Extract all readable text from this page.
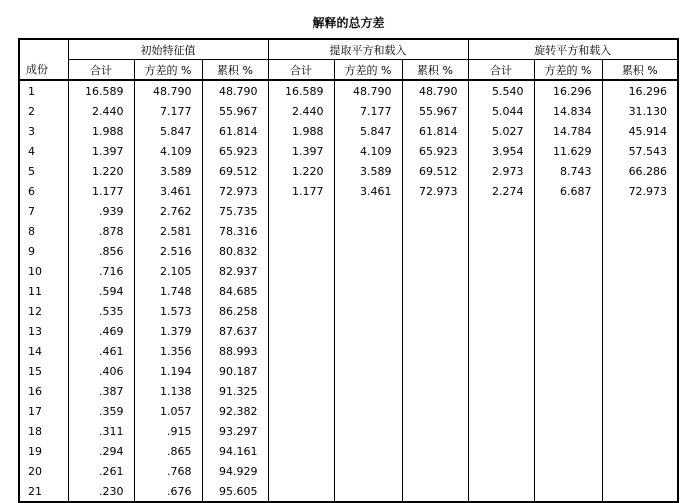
解释的总方差
成份	初始特征值			提取平方和载入			旋转平方和载入		
	合计	方差的 %	累积 %	合计	方差的 %	累积 %	合计	方差的 %	累积 %
1	16.589	48.790	48.790	16.589	48.790	48.790	5.540	16.296	16.296
2	2.440	7.177	55.967	2.440	7.177	55.967	5.044	14.834	31.130
3	1.988	5.847	61.814	1.988	5.847	61.814	5.027	14.784	45.914
4	1.397	4.109	65.923	1.397	4.109	65.923	3.954	11.629	57.543
5	1.220	3.589	69.512	1.220	3.589	69.512	2.973	8.743	66.286
6	1.177	3.461	72.973	1.177	3.461	72.973	2.274	6.687	72.973
7	.939	2.762	75.735						
8	.878	2.581	78.316						
9	.856	2.516	80.832						
10	.716	2.105	82.937						
11	.594	1.748	84.685						
12	.535	1.573	86.258						
13	.469	1.379	87.637						
14	.461	1.356	88.993						
15	.406	1.194	90.187						
16	.387	1.138	91.325						
17	.359	1.057	92.382						
18	.311	.915	93.297						
19	.294	.865	94.161						
20	.261	.768	94.929						
21	.230	.676	95.605						
